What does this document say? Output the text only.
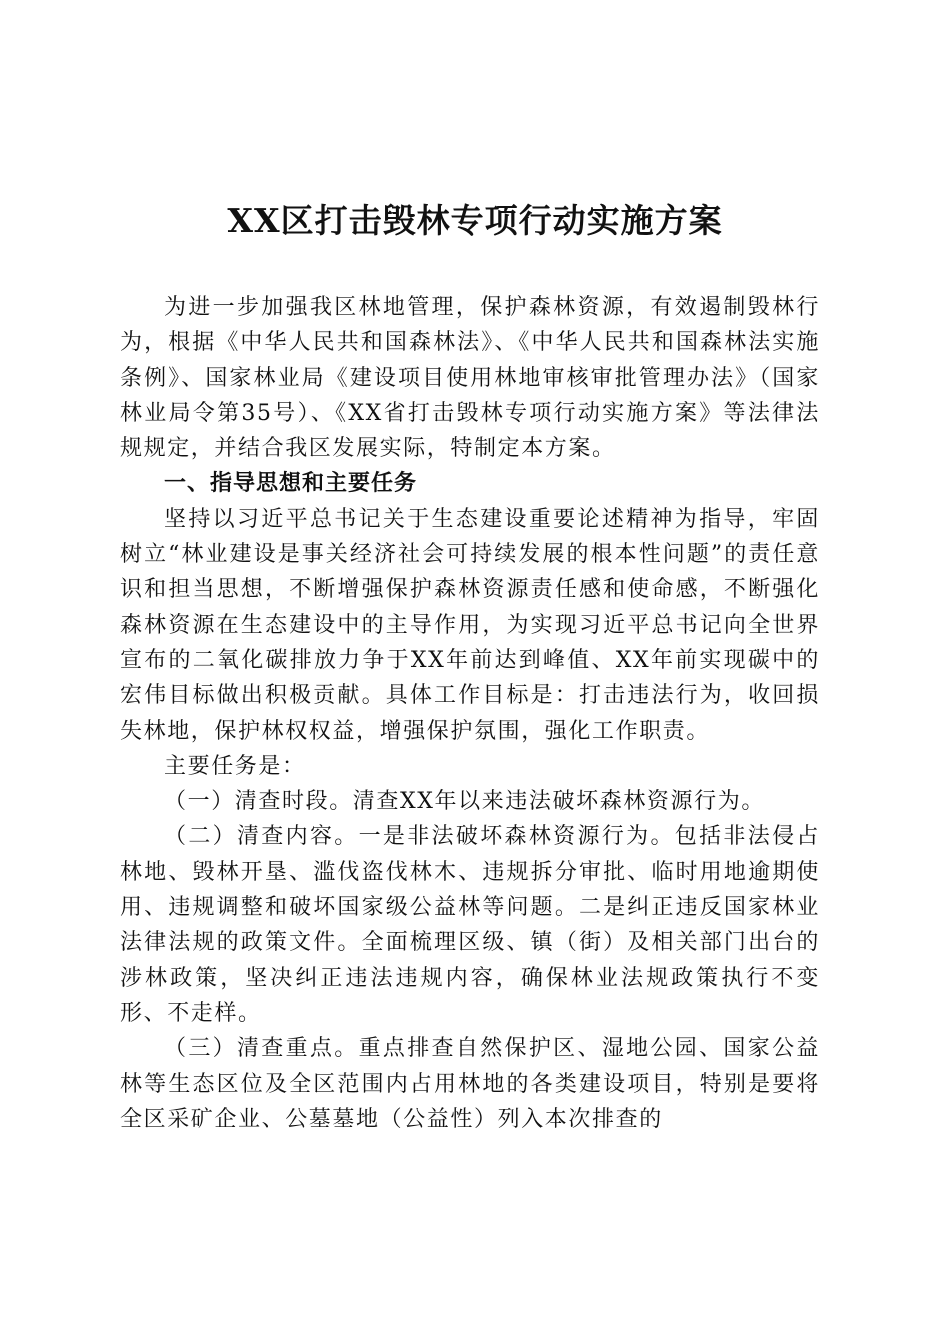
XX区打击毁林专项行动实施方案

为进一步加强我区林地管理，保护森林资源，有效遏制毁林行为，根据《中华人民共和国森林法》、《中华人民共和国森林法实施条例》、国家林业局《建设项目使用林地审核审批管理办法》（国家林业局令第35号）、《XX省打击毁林专项行动实施方案》等法律法规规定，并结合我区发展实际，特制定本方案。

一、指导思想和主要任务

坚持以习近平总书记关于生态建设重要论述精神为指导，牢固树立“林业建设是事关经济社会可持续发展的根本性问题”的责任意识和担当思想，不断增强保护森林资源责任感和使命感，不断强化森林资源在生态建设中的主导作用，为实现习近平总书记向全世界宣布的二氧化碳排放力争于XX年前达到峰值、XX年前实现碳中的宏伟目标做出积极贡献。具体工作目标是：打击违法行为，收回损失林地，保护林权权益，增强保护氛围，强化工作职责。

主要任务是：

（一）清查时段。清查XX年以来违法破坏森林资源行为。

（二）清查内容。一是非法破坏森林资源行为。包括非法侵占林地、毁林开垦、滥伐盗伐林木、违规拆分审批、临时用地逾期使用、违规调整和破坏国家级公益林等问题。二是纠正违反国家林业法律法规的政策文件。全面梳理区级、镇（街）及相关部门出台的涉林政策，坚决纠正违法违规内容，确保林业法规政策执行不变形、不走样。

（三）清查重点。重点排查自然保护区、湿地公园、国家公益林等生态区位及全区范围内占用林地的各类建设项目，特别是要将全区采矿企业、公墓墓地（公益性）列入本次排查的
